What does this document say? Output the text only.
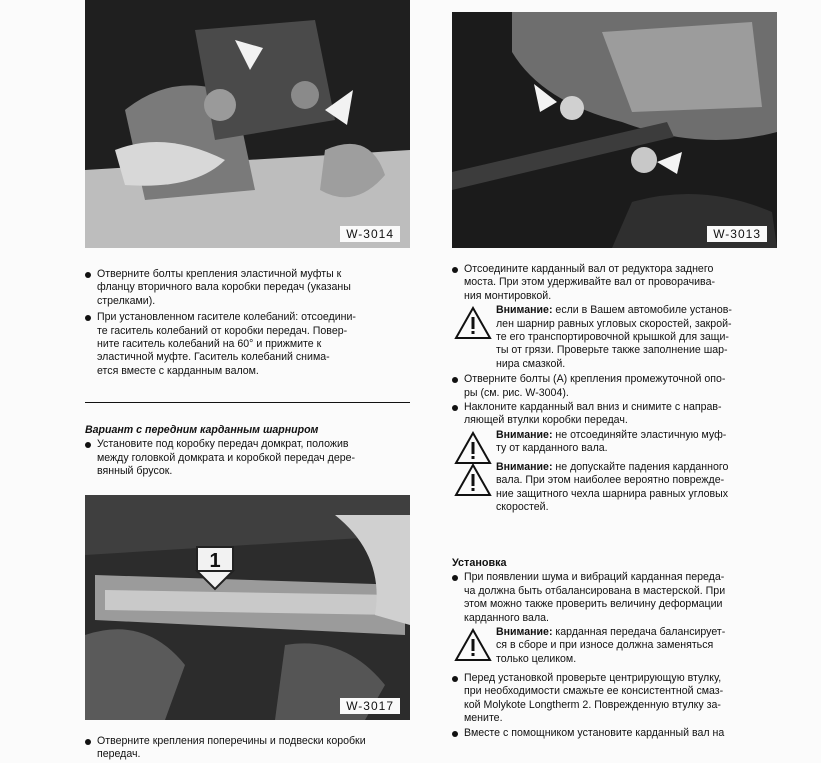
W-3014	W-3013
1
W-3017
Отверните болты крепления эластичной муфты к
фланцу вторичного вала коробки передач (указаны
стрелками).
При установленном гасителе колебаний: отсоедини-
те гаситель колебаний от коробки передач. Повер-
ните гаситель колебаний на 60° и прижмите к
эластичной муфте. Гаситель колебаний снима-
ется вместе с карданным валом.
Вариант с передним карданным шарниром
Установите под коробку передач домкрат, положив
между головкой домкрата и коробкой передач дере-
вянный брусок.
Отверните крепления поперечины и подвески коробки
передач.
Отсоедините карданный вал от редуктора заднего
моста. При этом удерживайте вал от проворачива-
ния монтировкой.
Внимание: если в Вашем автомобиле установ-
лен шарнир равных угловых скоростей, закрой-
те его транспортировочной крышкой для защи-
ты от грязи. Проверьте также заполнение шар-
нира смазкой.
Отверните болты (A) крепления промежуточной опо-
ры (см. рис. W-3004).
Наклоните карданный вал вниз и снимите с направ-
ляющей втулки коробки передач.
Внимание: не отсоединяйте эластичную муф-
ту от карданного вала.
Внимание: не допускайте падения карданного
вала. При этом наиболее вероятно поврежде-
ние защитного чехла шарнира равных угловых
скоростей.
Установка
При появлении шума и вибраций карданная переда-
ча должна быть отбалансирована в мастерской. При
этом можно также проверить величину деформации
карданного вала.
Внимание: карданная передача балансирует-
ся в сборе и при износе должна заменяться
только целиком.
Перед установкой проверьте центрирующую втулку,
при необходимости смажьте ее консистентной смаз-
кой Molykote Longtherm 2. Поврежденную втулку за-
мените.
Вместе с помощником установите карданный вал на
